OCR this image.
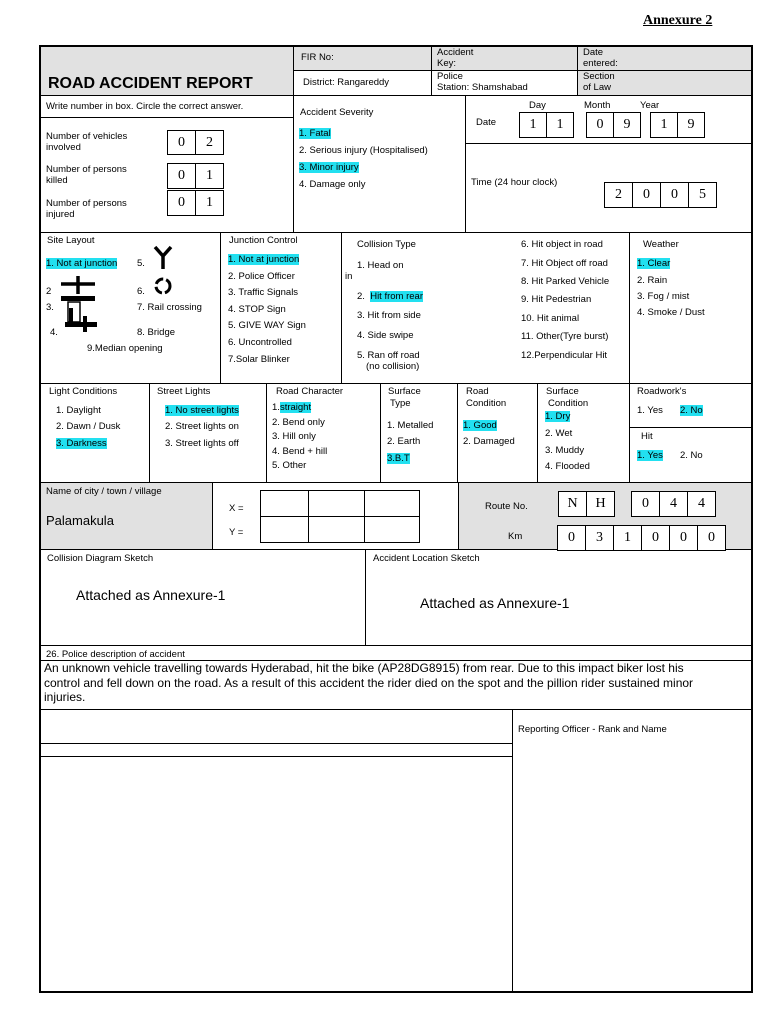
Annexure 2
ROAD ACCIDENT REPORT
FIR No:	Accident
Key:
Date
entered:
District: Rangareddy
Police
Station: Shamshabad
Section
of Law
Write number in box. Circle the correct answer.
Number of vehicles
involved	0	2
Number of persons
killed	0	1
Number of persons
injured
0	1
Accident Severity
1. Fatal
2. Serious injury (Hospitalised)
3. Minor injury
4. Damage only
Day	Month	Year
Date	1	1	0	9	1	9
Time (24 hour clock)
2	0	0	5
Site Layout
1. Not at junction 5.
2	6.
3.	7. Rail crossing
4.	8. Bridge
9.Median opening
Junction Control
1. Not at junction
2. Police Officer
3. Traffic Signals
4. STOP Sign
5. GIVE WAY Sign
6. Uncontrolled
7.Solar Blinker
Collision Type
1. Head on
in
2.  Hit from rear
3. Hit from side
4. Side swipe
5. Ran off road
(no collision)
6. Hit object in road
7. Hit Object off road
8. Hit Parked Vehicle
9. Hit Pedestrian
10. Hit animal
11. Other(Tyre burst)
12.Perpendicular Hit
Weather
1. Clear
2. Rain
3. Fog / mist
4. Smoke / Dust
Light Conditions
1. Daylight
2. Dawn / Dusk
3. Darkness
Street Lights
1. No street lights
2. Street lights on
3. Street lights off
Road Character
1.straight
2. Bend only
3. Hill only
4. Bend + hill
5. Other
Surface
Type
1. Metalled
2. Earth
3.B.T
Road
Condition
1. Good
2. Damaged
Surface
Condition
1. Dry
2. Wet
3. Muddy
4. Flooded
Roadwork's
1. Yes 2. No
Hit
1. Yes 2. No
Name of city / town / village
Palamakula
X =
Y =
Route No.	N	H	0	4	4
Km	0	3	1	0	0	0
Collision Diagram Sketch
Attached as Annexure-1
Accident Location Sketch
Attached as Annexure-1
26. Police description of accident
An unknown vehicle travelling towards Hyderabad, hit the bike (AP28DG8915) from rear. Due to this impact biker lost his
control and fell down on the road. As a result of this accident the rider died on the spot and the pillion rider sustained minor
injuries.
Reporting Officer - Rank and Name
